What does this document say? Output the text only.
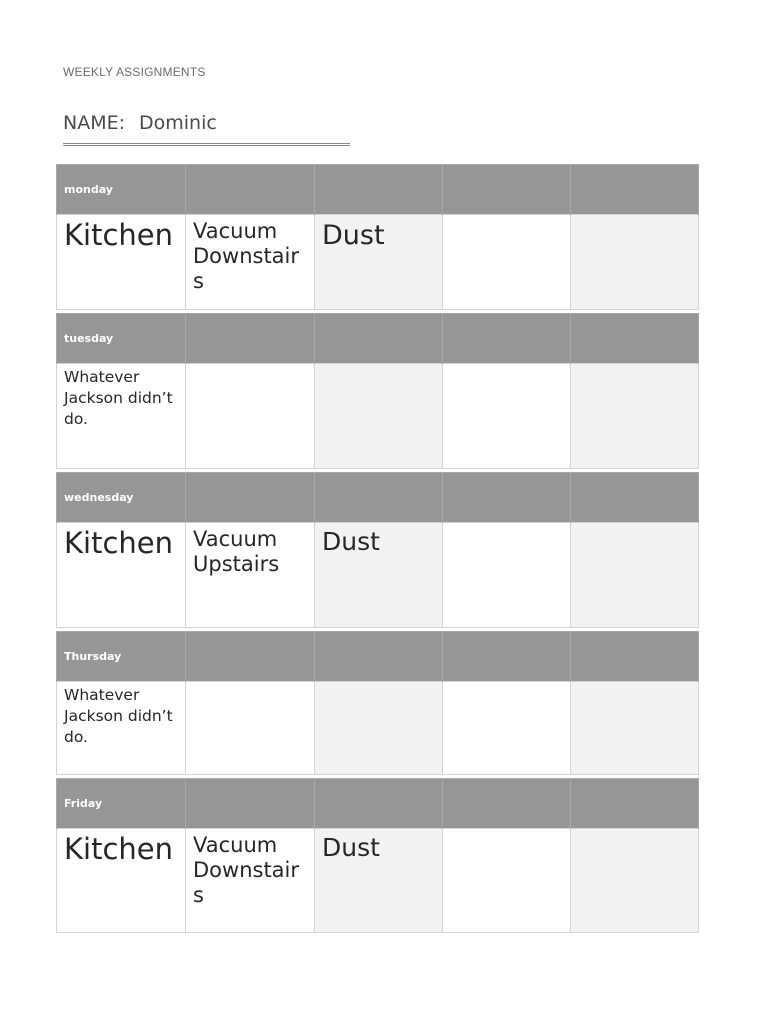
WEEKLY ASSIGNMENTS
NAME: Dominic
monday				

Kitchen	Vacuum Downstairs	Dust		

tuesday				

Whatever Jackson didn’t do.				

wednesday				

Kitchen	Vacuum Upstairs	Dust		

Thursday				

Whatever Jackson didn’t do.				

Friday				

Kitchen	Vacuum Downstairs	Dust		
